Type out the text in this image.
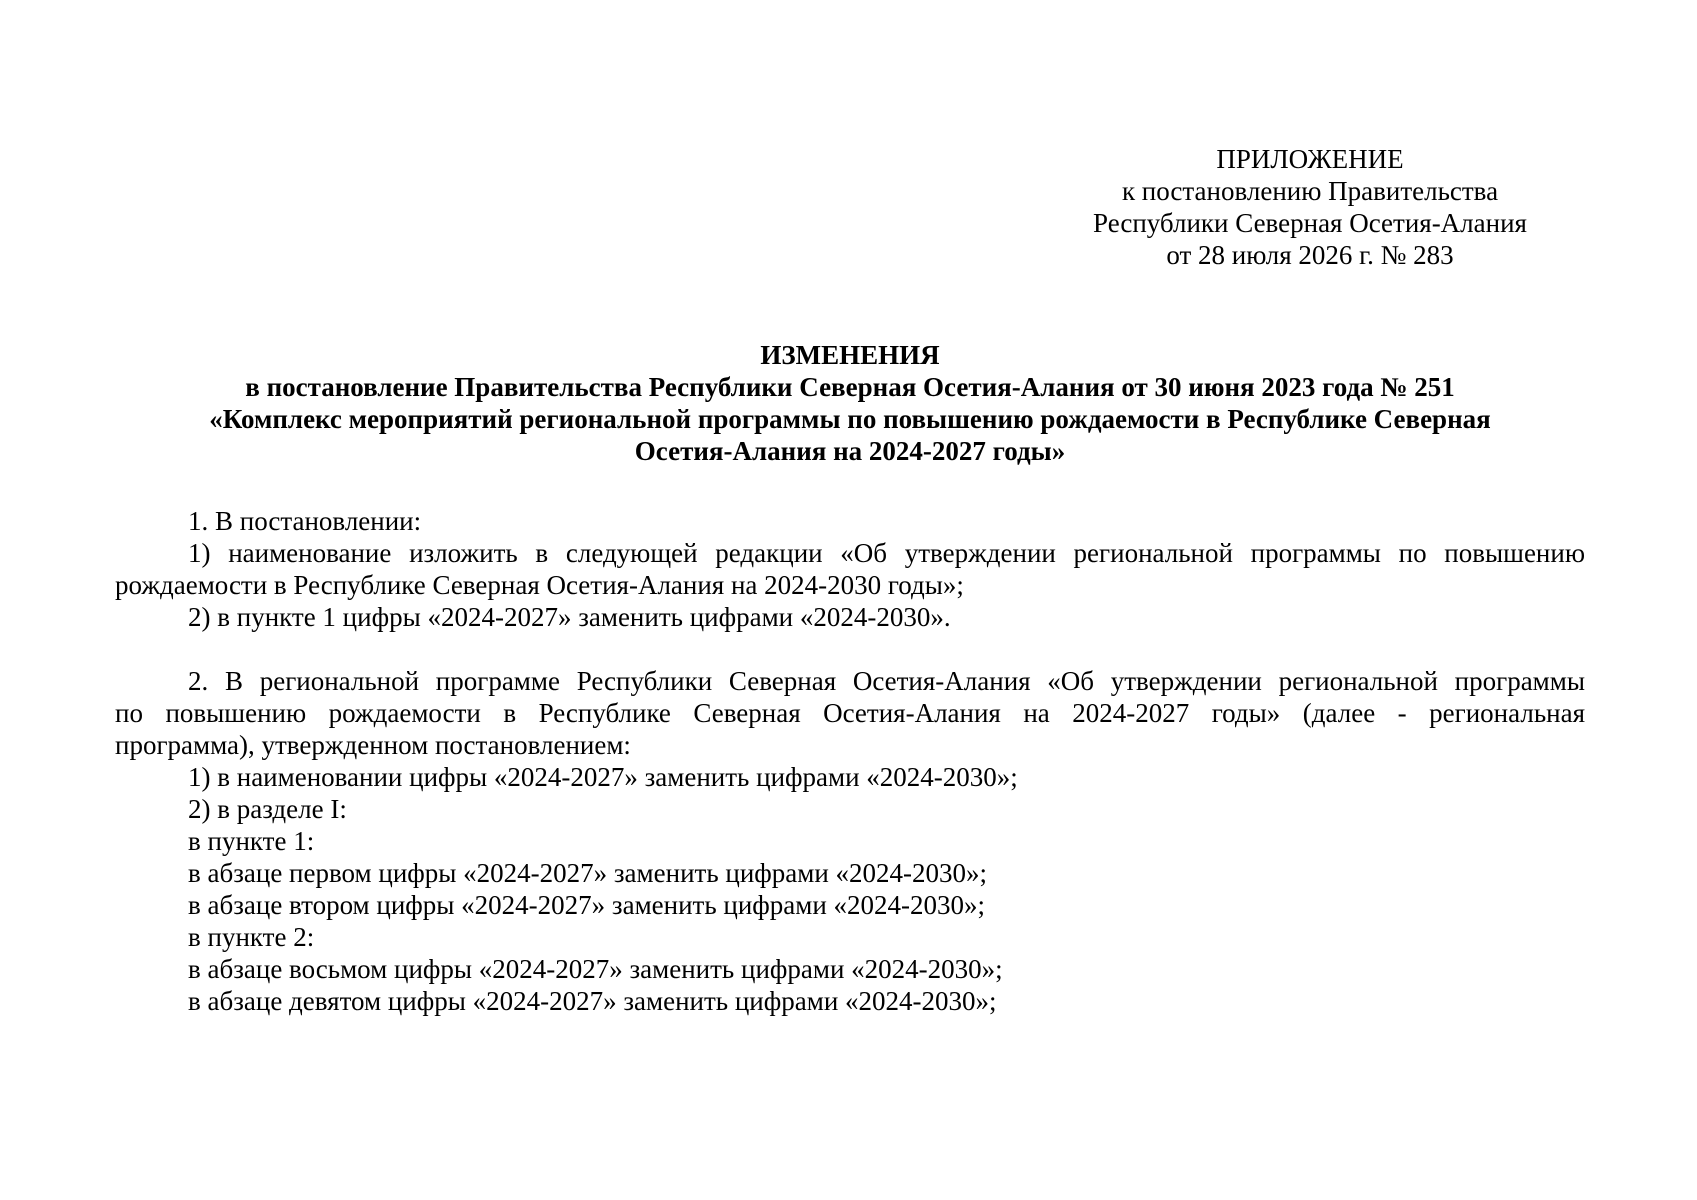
ПРИЛОЖЕНИЕ
к постановлению Правительства
Республики Северная Осетия-Алания
от 28 июля 2026 г. № 283
ИЗМЕНЕНИЯ
в постановление Правительства Республики Северная Осетия-Алания от 30 июня 2023 года № 251
«Комплекс мероприятий региональной программы по повышению рождаемости в Республике Северная
Осетия-Алания на 2024-2027 годы»
1. В постановлении:
1) наименование изложить в следующей редакции «Об утверждении региональной программы по повышению
рождаемости в Республике Северная Осетия-Алания на 2024-2030 годы»;
2) в пункте 1 цифры «2024-2027» заменить цифрами «2024-2030».
2. В региональной программе Республики Северная Осетия-Алания «Об утверждении региональной программы
по повышению рождаемости в Республике Северная Осетия-Алания на 2024-2027 годы» (далее - региональная
программа), утвержденном постановлением:
1) в наименовании цифры «2024-2027» заменить цифрами «2024-2030»;
2) в разделе I:
в пункте 1:
в абзаце первом цифры «2024-2027» заменить цифрами «2024-2030»;
в абзаце втором цифры «2024-2027» заменить цифрами «2024-2030»;
в пункте 2:
в абзаце восьмом цифры «2024-2027» заменить цифрами «2024-2030»;
в абзаце девятом цифры «2024-2027» заменить цифрами «2024-2030»;
